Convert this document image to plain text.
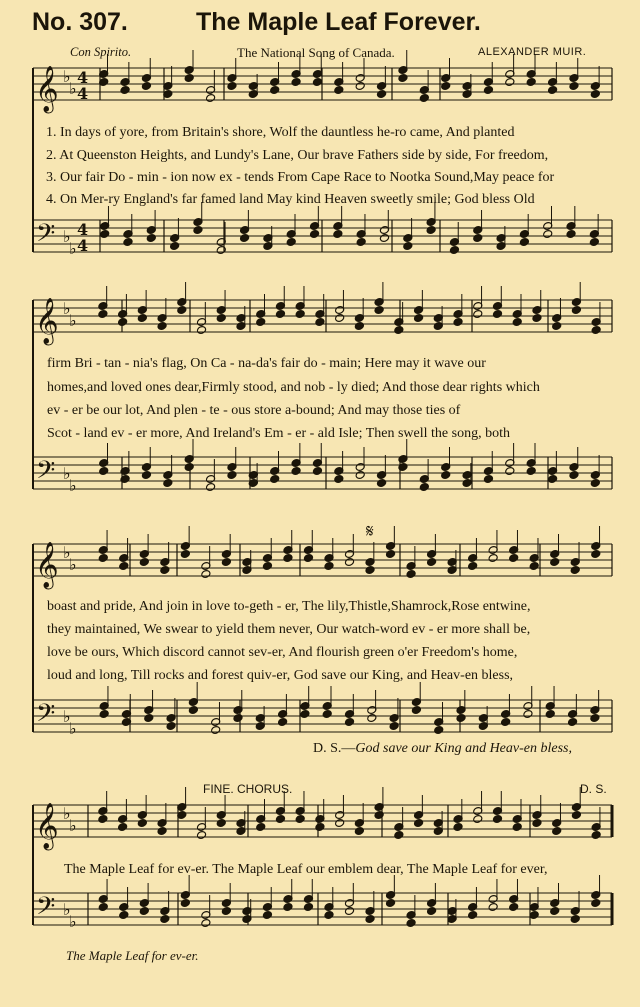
𝄞
𝄢
♭
♭
♭
♭
4
4
4
4
𝄞
𝄢
♭
♭
♭
♭
𝄞
𝄢
♭
♭
♭
♭
𝄞
𝄢
♭
♭
♭
♭
𝄋
No. 307.	The Maple Leaf Forever.
Con Spirito.	The National Song of Canada.	ALEXANDER MUIR.
1. In days of yore, from Britain's shore, Wolf the dauntless he-ro came, And planted
2. At Queenston Heights, and Lundy's Lane, Our brave Fathers side by side, For freedom,
3. Our fair Do - min - ion now ex - tends From Cape Race to Nootka Sound,May peace for
4. On Mer-ry England's far famed land May kind Heaven sweetly smile; God bless Old
firm Bri - tan - nia's flag, On Ca - na-da's fair do - main; Here may it wave our
homes,and loved ones dear,Firmly stood, and nob - ly died; And those dear rights which
ev - er be our lot, And plen - te - ous store a-bound; And may those ties of
Scot - land ev - er more, And Ireland's Em - er - ald Isle; Then swell the song, both
boast and pride, And join in love to-geth - er, The lily,Thistle,Shamrock,Rose entwine,
they maintained, We swear to yield them never, Our watch-word ev - er more shall be,
love be ours, Which discord cannot sev-er, And flourish green o'er Freedom's home,
loud and long, Till rocks and forest quiv-er, God save our King, and Heav-en bless,
D. S.—God save our King and Heav-en bless,
FINE. CHORUS.	D. S.
The Maple Leaf for ev-er. The Maple Leaf our emblem dear, The Maple Leaf for ever,
The Maple Leaf for ev-er.
